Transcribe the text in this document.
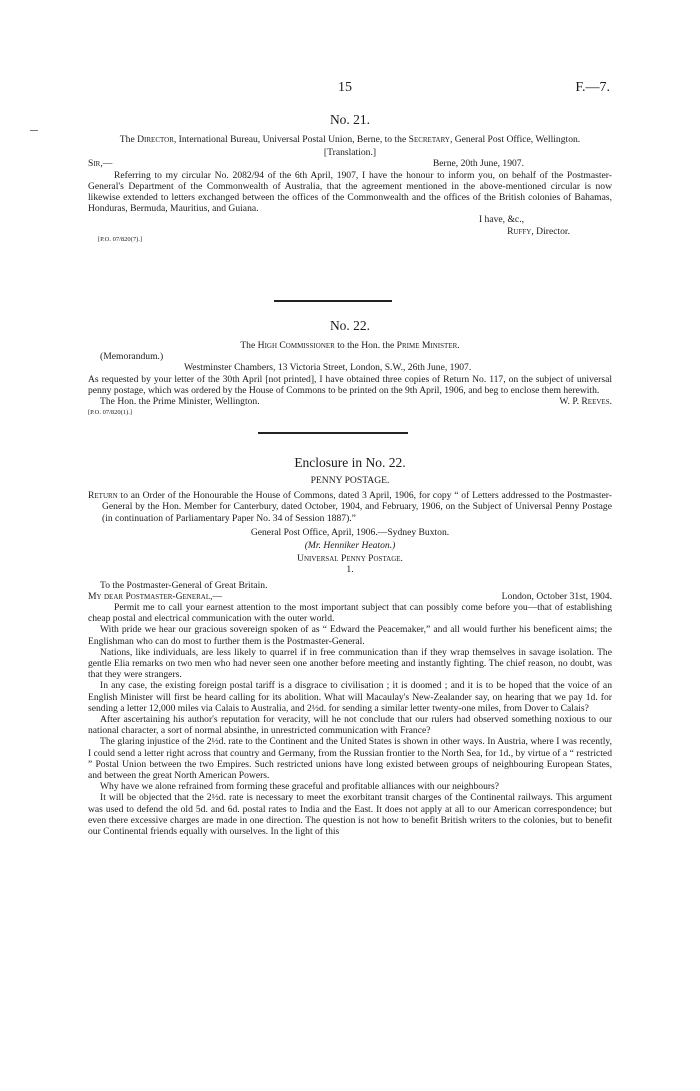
15	F.—7.
No. 21.

The Director, International Bureau, Universal Postal Union, Berne, to the Secretary, General Post Office, Wellington.

[Translation.]
Sir,—	Berne, 20th June, 1907.

Referring to my circular No. 2082/94 of the 6th April, 1907, I have the honour to inform you, on behalf of the Postmaster-General's Department of the Commonwealth of Australia, that the agreement mentioned in the above-mentioned circular is now likewise extended to letters exchanged between the offices of the Commonwealth and the offices of the British colonies of Bahamas, Honduras, Bermuda, Mauritius, and Guiana.

I have, &c.,
Ruffy, Director.
[P.O. 07/820(7).]
No. 22.

The High Commissioner to the Hon. the Prime Minister.

(Memorandum.)
Westminster Chambers, 13 Victoria Street, London, S.W., 26th June, 1907.

As requested by your letter of the 30th April [not printed], I have obtained three copies of Return No. 117, on the subject of universal penny postage, which was ordered by the House of Commons to be printed on the 9th April, 1906, and beg to enclose them herewith.

The Hon. the Prime Minister, Wellington.	W. P. Reeves.
[P.O. 07/820(1).]
Enclosure in No. 22.
PENNY POSTAGE.

Return to an Order of the Honourable the House of Commons, dated 3 April, 1906, for copy “ of Letters addressed to the Postmaster-General by the Hon. Member for Canterbury, dated October, 1904, and February, 1906, on the Subject of Universal Penny Postage (in continuation of Parliamentary Paper No. 34 of Session 1887).”

General Post Office, April, 1906.—Sydney Buxton.
(Mr. Henniker Heaton.)
Universal Penny Postage.
1.
To the Postmaster-General of Great Britain.
My dear Postmaster-General,—	London, October 31st, 1904.

Permit me to call your earnest attention to the most important subject that can possibly come before you—that of establishing cheap postal and electrical communication with the outer world.

With pride we hear our gracious sovereign spoken of as “ Edward the Peacemaker,” and all would further his beneficent aims; the Englishman who can do most to further them is the Postmaster-General.

Nations, like individuals, are less likely to quarrel if in free communication than if they wrap themselves in savage isolation. The gentle Elia remarks on two men who had never seen one another before meeting and instantly fighting. The chief reason, no doubt, was that they were strangers.

In any case, the existing foreign postal tariff is a disgrace to civilisation ; it is doomed ; and it is to be hoped that the voice of an English Minister will first be heard calling for its abolition. What will Macaulay's New-Zealander say, on hearing that we pay 1d. for sending a letter 12,000 miles via Calais to Australia, and 2½d. for sending a similar letter twenty-one miles, from Dover to Calais?

After ascertaining his author's reputation for veracity, will he not conclude that our rulers had observed something noxious to our national character, a sort of normal absinthe, in unrestricted communication with France?

The glaring injustice of the 2½d. rate to the Continent and the United States is shown in other ways. In Austria, where I was recently, I could send a letter right across that country and Germany, from the Russian frontier to the North Sea, for 1d., by virtue of a “ restricted ” Postal Union between the two Empires. Such restricted unions have long existed between groups of neighbouring European States, and between the great North American Powers.

Why have we alone refrained from forming these graceful and profitable alliances with our neighbours?

It will be objected that the 2½d. rate is necessary to meet the exorbitant transit charges of the Continental railways. This argument was used to defend the old 5d. and 6d. postal rates to India and the East. It does not apply at all to our American correspondence; but even there excessive charges are made in one direction. The question is not how to benefit British writers to the colonies, but to benefit our Continental friends equally with ourselves. In the light of this
